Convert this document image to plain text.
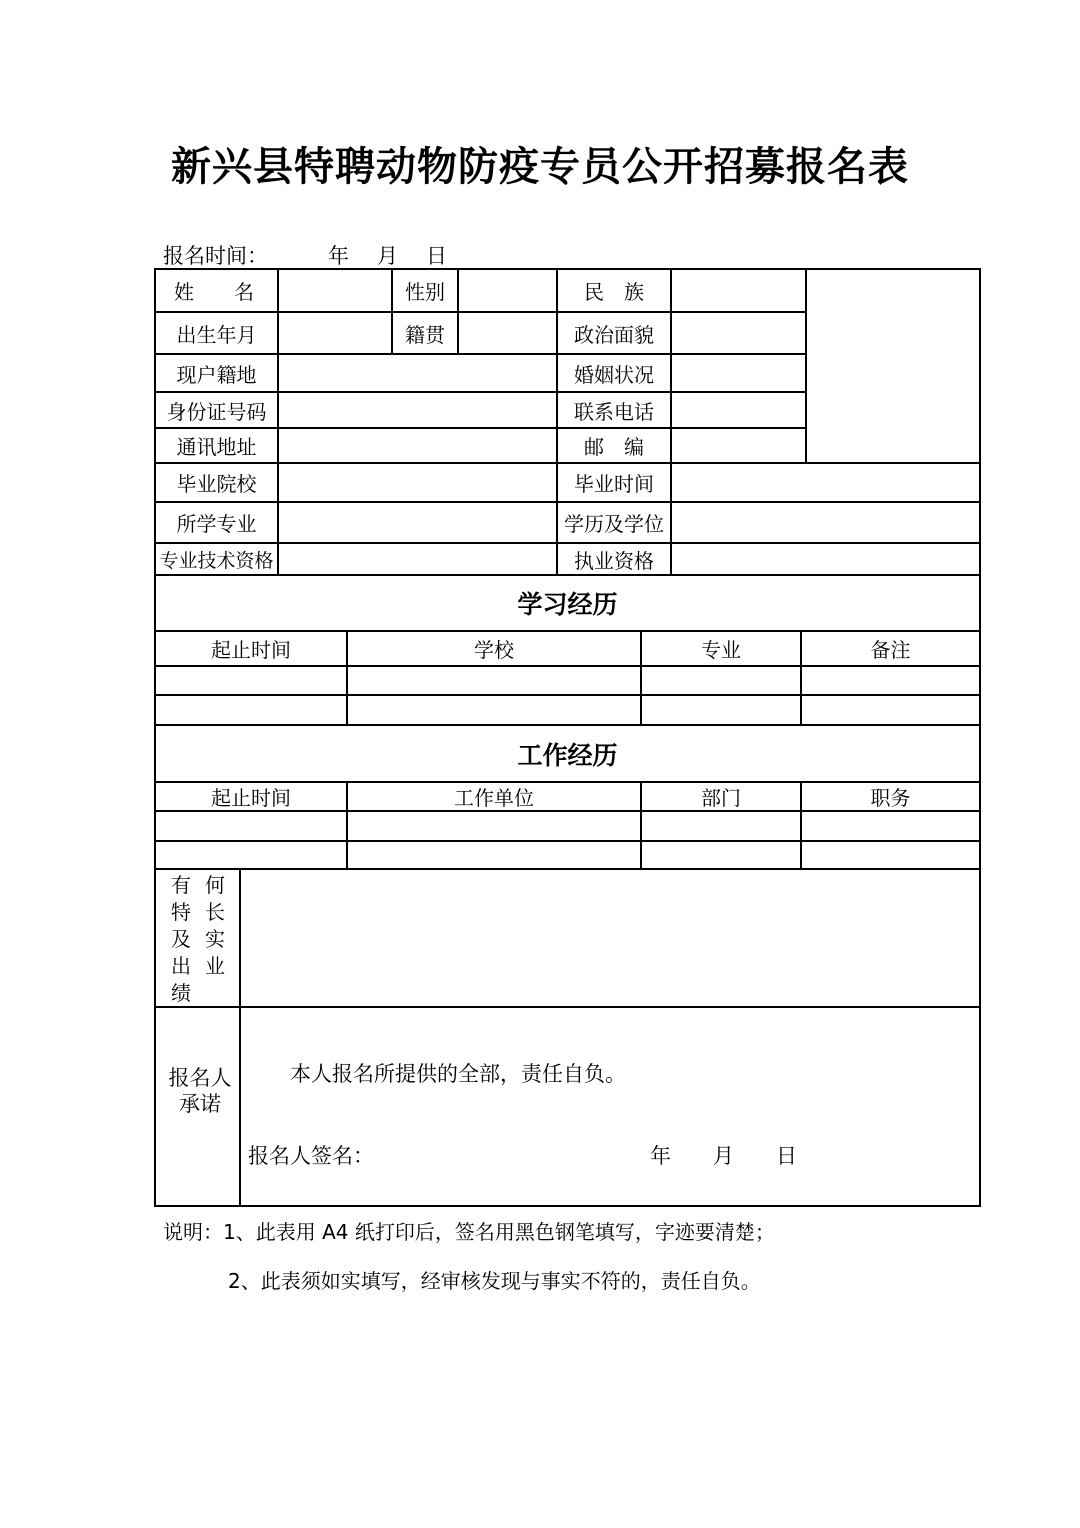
新兴县特聘动物防疫专员公开招募报名表
报名时间：	年 月 日
姓　　名	性别	民　族
出生年月	籍贯	政治面貌
现户籍地	婚姻状况
身份证号码	联系电话
通讯地址	邮　编
毕业院校	毕业时间
所学专业	学历及学位
专业技术资格	执业资格
学习经历
起止时间	学校	专业	备注
工作经历
起止时间	工作单位	部门	职务
有 何
特 长
及 实
出 业
绩
报名人承诺
本人报名所提供的全部，责任自负。
报名人签名：	年 月 日
说明：1、此表用 A4 纸打印后，签名用黑色钢笔填写，字迹要清楚；
2、此表须如实填写，经审核发现与事实不符的，责任自负。
